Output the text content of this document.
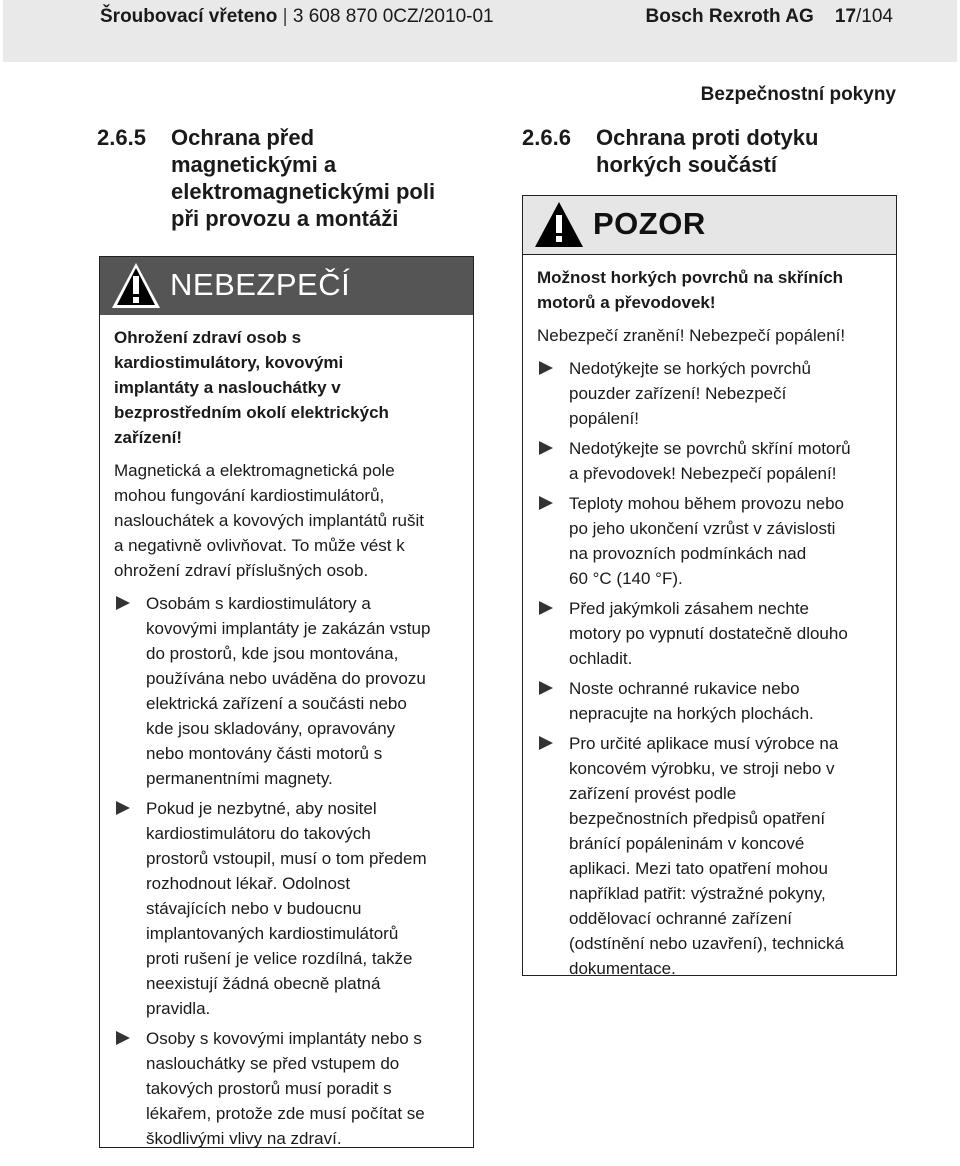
Šroubovací vřeteno | 3 608 870 0CZ/2010-01	Bosch Rexroth AG 17/104
Bezpečnostní pokyny
2.6.5 Ochrana před
magnetickými a
elektromagnetickými poli
při provozu a montáži
NEBEZPEČÍ

Ohrožení zdraví osob s
kardiostimulátory, kovovými
implantáty a naslouchátky v
bezprostředním okolí elektrických
zařízení!

Magnetická a elektromagnetická pole
mohou fungování kardiostimulátorů,
naslouchátek a kovových implantátů rušit
a negativně ovlivňovat. To může vést k
ohrožení zdraví příslušných osob.

Osobám s kardiostimulátory a
kovovými implantáty je zakázán vstup
do prostorů, kde jsou montována,
používána nebo uváděna do provozu
elektrická zařízení a součásti nebo
kde jsou skladovány, opravovány
nebo montovány části motorů s
permanentními magnety.
Pokud je nezbytné, aby nositel
kardiostimulátoru do takových
prostorů vstoupil, musí o tom předem
rozhodnout lékař. Odolnost
stávajících nebo v budoucnu
implantovaných kardiostimulátorů
proti rušení je velice rozdílná, takže
neexistují žádná obecně platná
pravidla.
Osoby s kovovými implantáty nebo s
naslouchátky se před vstupem do
takových prostorů musí poradit s
lékařem, protože zde musí počítat se
škodlivými vlivy na zdraví.
2.6.6 Ochrana proti dotyku
horkých součástí
POZOR

Možnost horkých povrchů na skříních
motorů a převodovek!

Nebezpečí zranění! Nebezpečí popálení!

Nedotýkejte se horkých povrchů
pouzder zařízení! Nebezpečí
popálení!
Nedotýkejte se povrchů skříní motorů
a převodovek! Nebezpečí popálení!
Teploty mohou během provozu nebo
po jeho ukončení vzrůst v závislosti
na provozních podmínkách nad
60 °C (140 °F).
Před jakýmkoli zásahem nechte
motory po vypnutí dostatečně dlouho
ochladit.
Noste ochranné rukavice nebo
nepracujte na horkých plochách.
Pro určité aplikace musí výrobce na
koncovém výrobku, ve stroji nebo v
zařízení provést podle
bezpečnostních předpisů opatření
bránící popáleninám v koncové
aplikaci. Mezi tato opatření mohou
například patřit: výstražné pokyny,
oddělovací ochranné zařízení
(odstínění nebo uzavření), technická
dokumentace.
